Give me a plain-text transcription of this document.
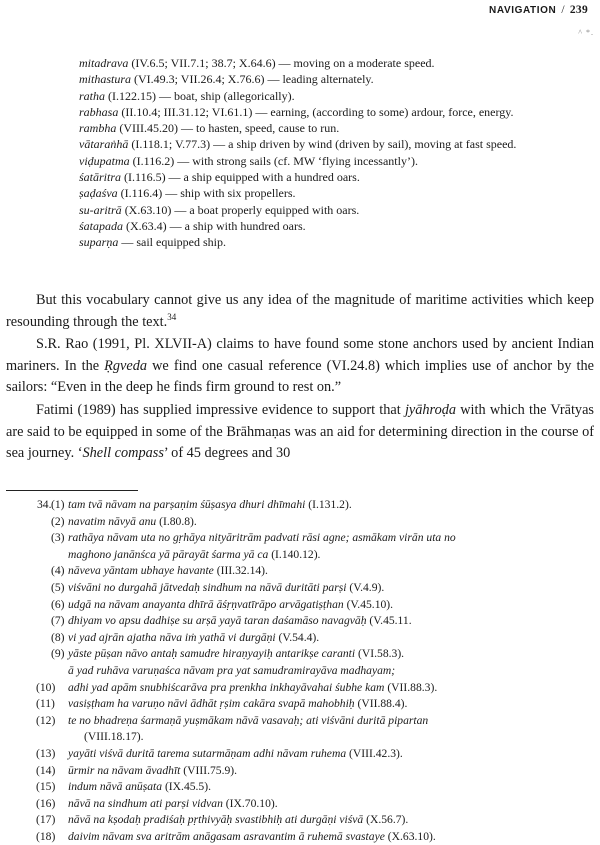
NAVIGATION / 239
^ *.
mitadrava (IV.6.5; VII.7.1; 38.7; X.64.6) — moving on a moderate speed.
mithastura (VI.49.3; VII.26.4; X.76.6) — leading alternately.
ratha (I.122.15) — boat, ship (allegorically).
rabhasa (II.10.4; III.31.12; VI.61.1) — earning, (according to some) ardour, force, energy.
rambha (VIII.45.20) — to hasten, speed, cause to run.
vātaraṅhā (I.118.1; V.77.3) — a ship driven by wind (driven by sail), moving at fast speed.
viḍupatma (I.116.2) — with strong sails (cf. MW ‘flying incessantly’).
śatāritra (I.116.5) — a ship equipped with a hundred oars.
ṣaḍaśva (I.116.4) — ship with six propellers.
su-aritrā (X.63.10) — a boat properly equipped with oars.
śatapada (X.63.4) — a ship with hundred oars.
suparṇa — sail equipped ship.

But this vocabulary cannot give us any idea of the magnitude of maritime activities which keep resounding through the text.$^{34}$

S.R. Rao (1991, Pl. XLVII-A) claims to have found some stone anchors used by ancient Indian mariners. In the Ṛgveda we find one casual reference (VI.24.8) which implies use of anchor by the sailors: “Even in the deep he finds firm ground to rest on.”

Fatimi (1989) has supplied impressive evidence to support that jyāhroḍa with which the Vrātyas are said to be equipped in some of the Brāhmaṇas was an aid for determining direction in the course of sea journey. ‘Shell compass’ of 45 degrees and 30

34. (1) tam tvā nāvam na parṣaṇim śūṣasya dhuri dhīmahi (I.131.2).
(2) navatim nāvyā anu (I.80.8).
(3) rathāya nāvam uta no gṛhāya nityāritrām padvati rāsi agne; asmākam virān uta no
maghono janānśca yā pārayāt śarma yā ca (I.140.12).
(4) nāveva yāntam ubhaye havante (III.32.14).
(5) viśvāni no durgahā jātvedaḥ sindhum na nāvā duritāti parṣi (V.4.9).
(6) udgā na nāvam anayanta dhīrā āśṛṇvatīrāpo arvāgatiṣṭhan (V.45.10).
(7) dhiyam vo apsu dadhiṣe su arṣā yayā taran daśamāso navagvāḥ (V.45.11.
(8) vi yad ajrān ajatha nāva iṁ yathā vi durgāṇi (V.54.4).
(9) yāste pūṣan nāvo antaḥ samudre hiraṇyayiḥ antarikṣe caranti (VI.58.3).
ā yad ruhāva varuṇaśca nāvam pra yat samudramirayāva madhayam;
(10) adhi yad apām snubhiścarāva pra prenkha inkhayāvahai śubhe kam (VII.88.3).
(11) vasiṣṭham ha varuṇo nāvi ādhāt ṛṣim cakāra svapā mahobhiḥ (VII.88.4).
(12) te no bhadreṇa śarmaṇā yuṣmākam nāvā vasavaḥ; ati viśvāni duritā pipartan
(VIII.18.17).
(13) yayāti viśvā duritā tarema sutarmāṇam adhi nāvam ruhema (VIII.42.3).
(14) ūrmir na nāvam āvadhīt (VIII.75.9).
(15) indum nāvā anūṣata (IX.45.5).
(16) nāvā na sindhum ati parṣi vidvan (IX.70.10).
(17) nāvā na kṣodaḥ pradiśaḥ pṛthivyāḥ svastibhiḥ ati durgāṇi viśvā (X.56.7).
(18) daivim nāvam sva aritrām anāgasam asravantim ā ruhemā svastaye (X.63.10).
